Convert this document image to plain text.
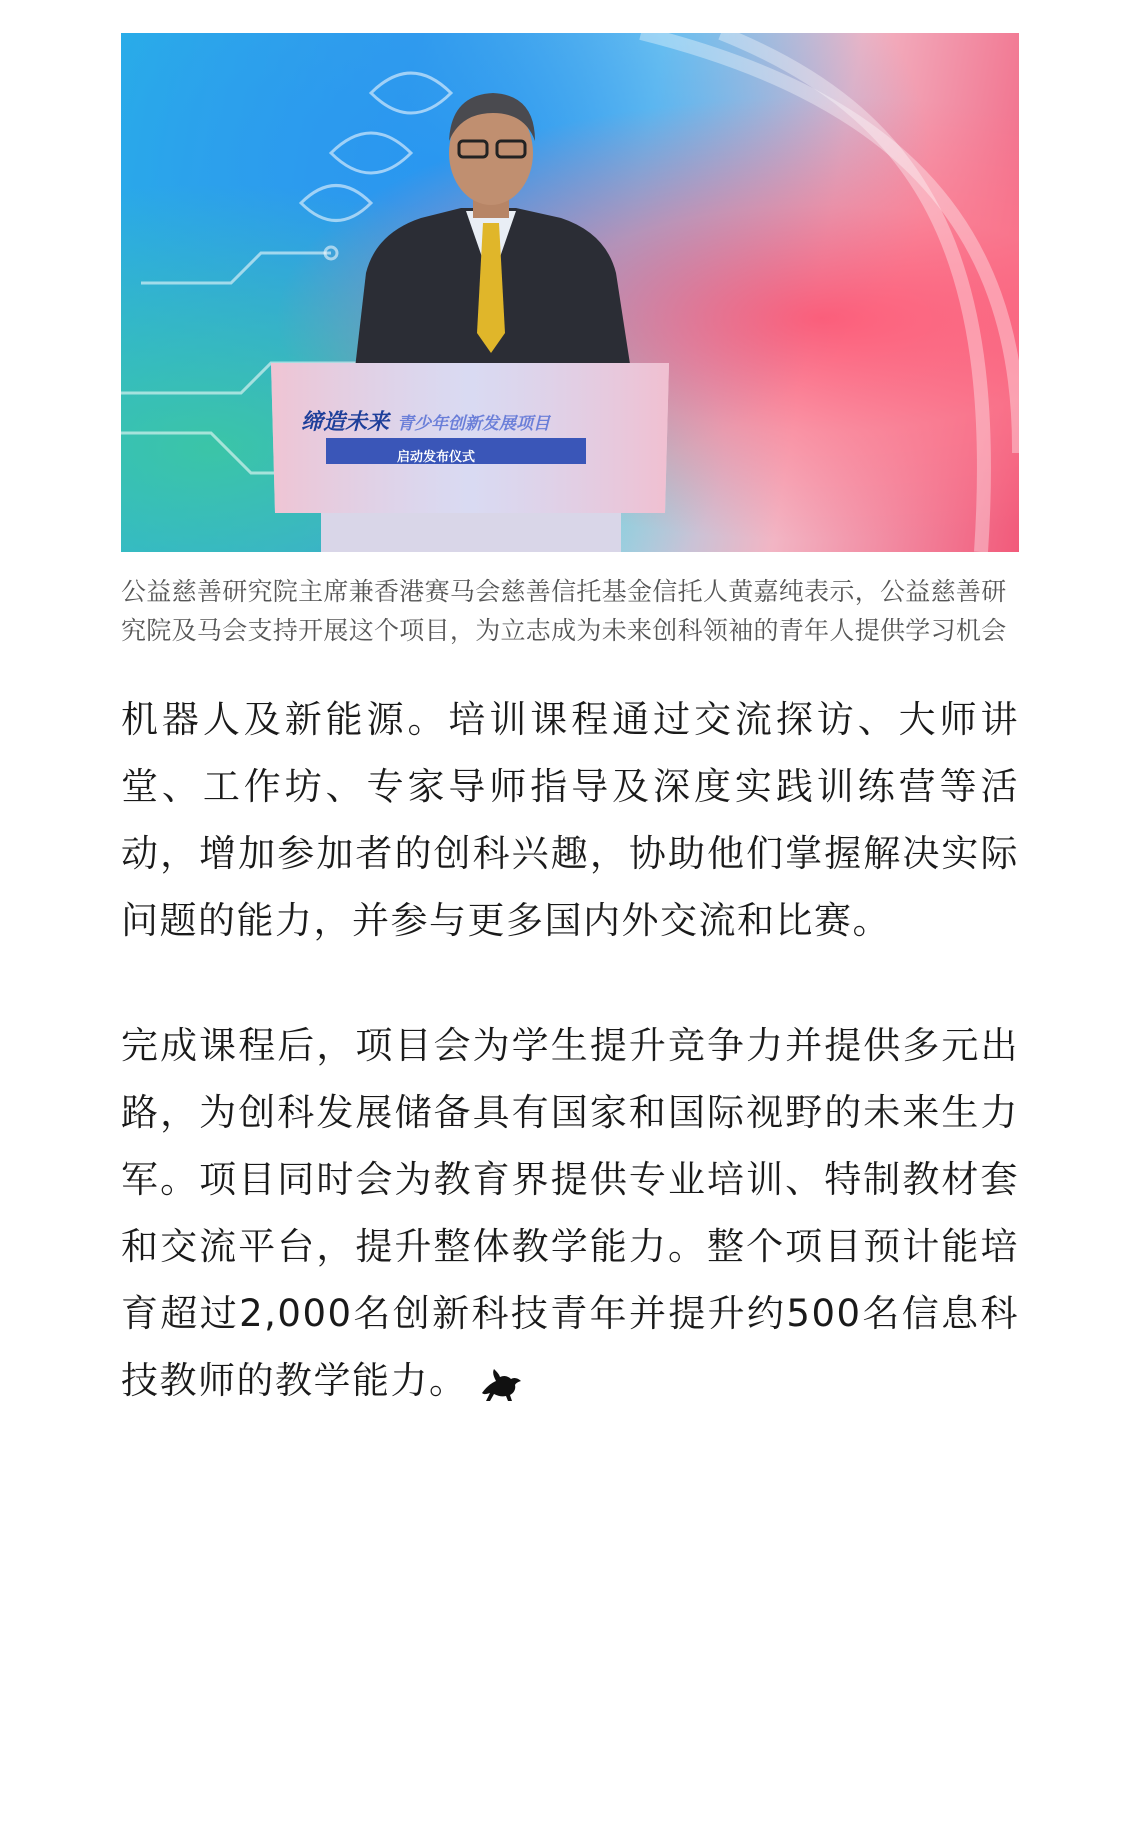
缔造未来 青少年创新发展项目
启动发布仪式
公益慈善研究院主席兼香港赛马会慈善信托基金信托人黄嘉纯表示，公益慈善研究院及马会支持开展这个项目，为立志成为未来创科领袖的青年人提供学习机会

机器人及新能源。培训课程通过交流探访、大师讲堂、工作坊、专家导师指导及深度实践训练营等活动，增加参加者的创科兴趣，协助他们掌握解决实际问题的能力，并参与更多国内外交流和比赛。

完成课程后，项目会为学生提升竞争力并提供多元出路，为创科发展储备具有国家和国际视野的未来生力军。项目同时会为教育界提供专业培训、特制教材套和交流平台，提升整体教学能力。整个项目预计能培育超过2,000名创新科技青年并提升约500名信息科技教师的教学能力。
